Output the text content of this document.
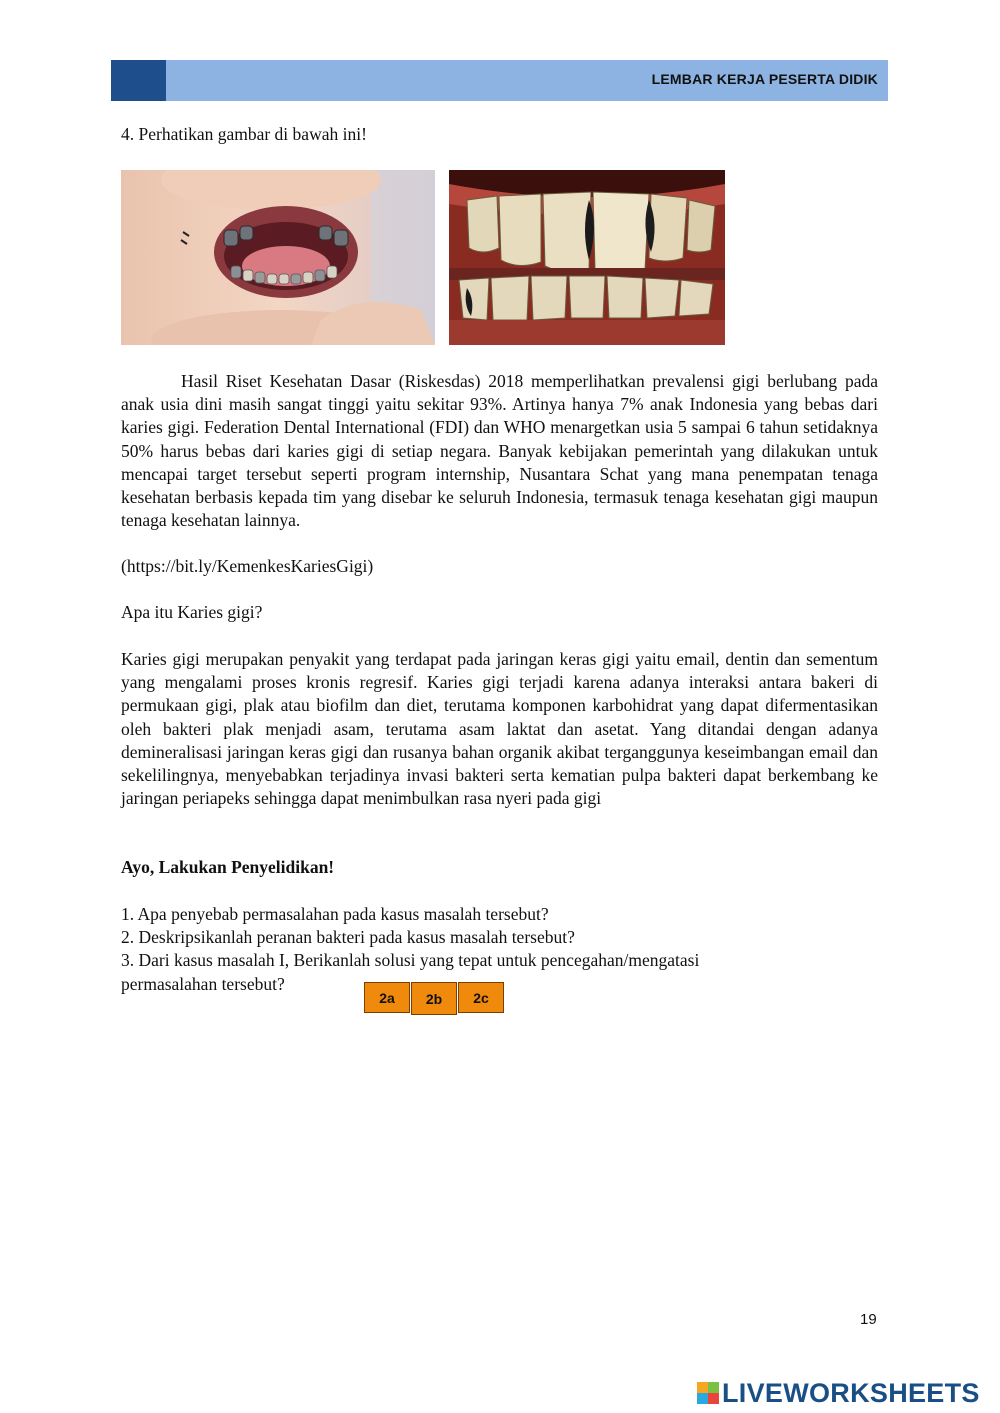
LEMBAR KERJA PESERTA DIDIK
4. Perhatikan gambar di bawah ini!

Hasil Riset Kesehatan Dasar (Riskesdas) 2018 memperlihatkan prevalensi gigi berlubang pada anak usia dini masih sangat tinggi yaitu sekitar 93%. Artinya hanya 7% anak Indonesia yang bebas dari karies gigi. Federation Dental International (FDI) dan WHO menargetkan usia 5 sampai 6 tahun setidaknya 50% harus bebas dari karies gigi di setiap negara. Banyak kebijakan pemerintah yang dilakukan untuk mencapai target tersebut seperti program internship, Nusantara Schat yang mana penempatan tenaga kesehatan berbasis kepada tim yang disebar ke seluruh Indonesia, termasuk tenaga kesehatan gigi maupun tenaga kesehatan lainnya.

(https://bit.ly/KemenkesKariesGigi)
Apa itu Karies gigi?

Karies gigi merupakan penyakit yang terdapat pada jaringan keras gigi yaitu email, dentin dan sementum yang mengalami proses kronis regresif. Karies gigi terjadi karena adanya interaksi antara bakeri di permukaan gigi, plak atau biofilm dan diet, terutama komponen karbohidrat yang dapat difermentasikan oleh bakteri plak menjadi asam, terutama asam laktat dan asetat. Yang ditandai dengan adanya demineralisasi jaringan keras gigi dan rusanya bahan organik akibat terganggunya keseimbangan email dan sekelilingnya, menyebabkan terjadinya invasi bakteri serta kematian pulpa bakteri dapat berkembang ke jaringan periapeks sehingga dapat menimbulkan rasa nyeri pada gigi

Ayo, Lakukan Penyelidikan!
1. Apa penyebab permasalahan pada kasus masalah tersebut?
2. Deskripsikanlah peranan bakteri pada kasus masalah tersebut?
3. Dari kasus masalah I, Berikanlah solusi yang tepat untuk pencegahan/mengatasi
permasalahan tersebut?
2a	2b	2c
19
LIVEWORKSHEETS
